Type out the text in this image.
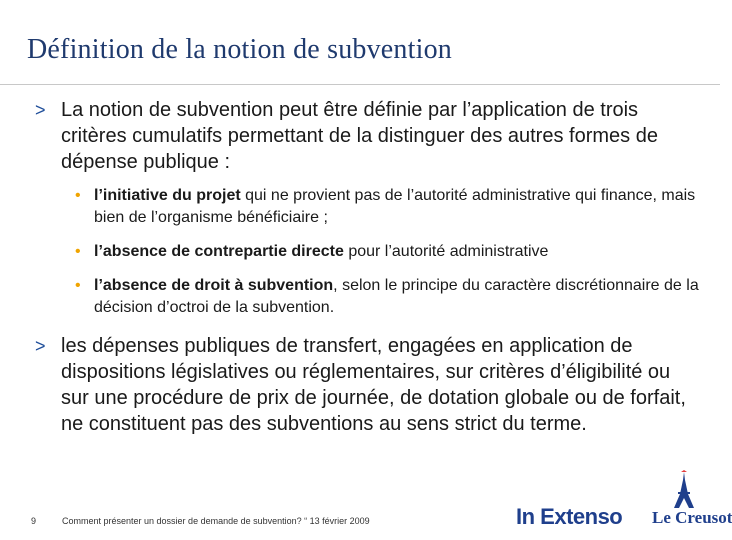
Définition de la notion de subvention
> La notion de subvention peut être définie par l’application de trois critères cumulatifs permettant de la distinguer des autres formes de dépense publique :
• l’initiative du projet qui ne provient pas de l’autorité administrative qui finance, mais bien de l’organisme bénéficiaire ;
• l’absence de contrepartie directe pour l’autorité administrative
• l’absence de droit à subvention, selon le principe du caractère discrétionnaire de la décision d’octroi de la subvention.
> les dépenses publiques de transfert, engagées en application de dispositions législatives ou réglementaires, sur critères d’éligibilité ou sur une procédure de prix de journée, de dotation globale ou de forfait, ne constituent pas des subventions au sens strict du terme.
9	Comment présenter un dossier de demande de subvention? “ 13 février 2009	In Extenso Le Creusot
